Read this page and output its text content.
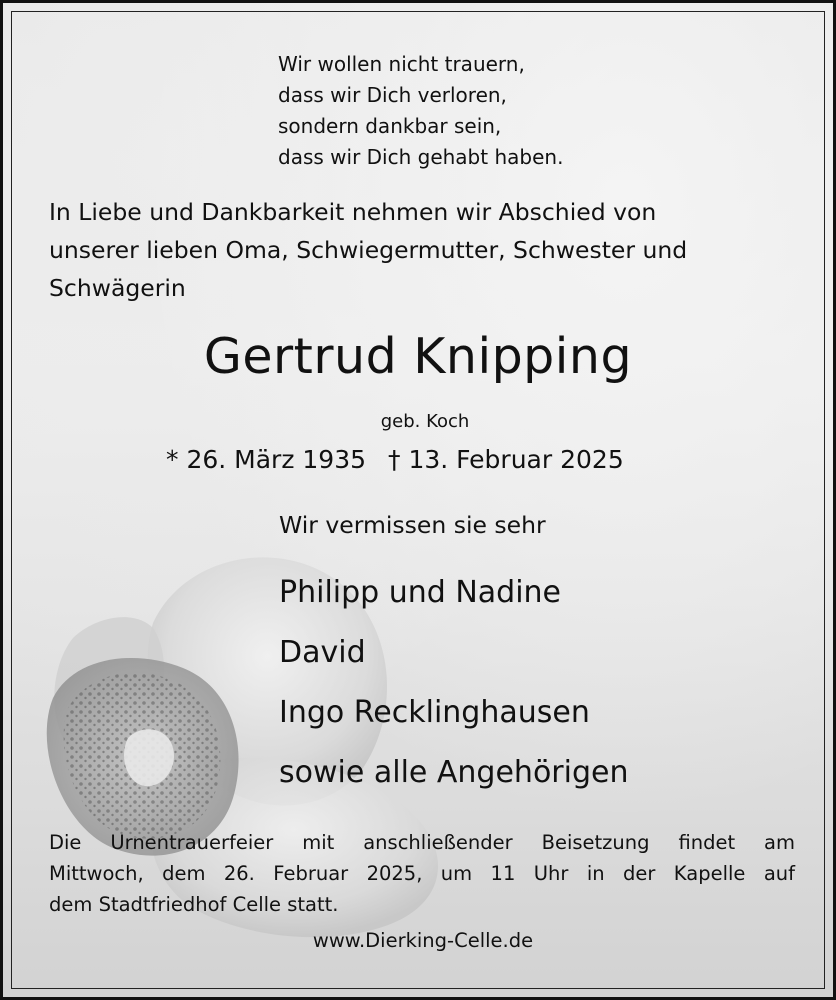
Wir wollen nicht trauern,
dass wir Dich verloren,
sondern dankbar sein,
dass wir Dich gehabt haben.
In Liebe und Dankbarkeit nehmen wir Abschied von
unserer lieben Oma, Schwiegermutter, Schwester und
Schwägerin
Gertrud Knipping
geb. Koch
* 26. März 1935 † 13. Februar 2025
Wir vermissen sie sehr
Philipp und Nadine
David
Ingo Recklinghausen
sowie alle Angehörigen
Die Urnentrauerfeier mit anschließender Beisetzung findet am
Mittwoch, dem 26. Februar 2025, um 11 Uhr in der Kapelle auf
dem Stadtfriedhof Celle statt.
www.Dierking-Celle.de
